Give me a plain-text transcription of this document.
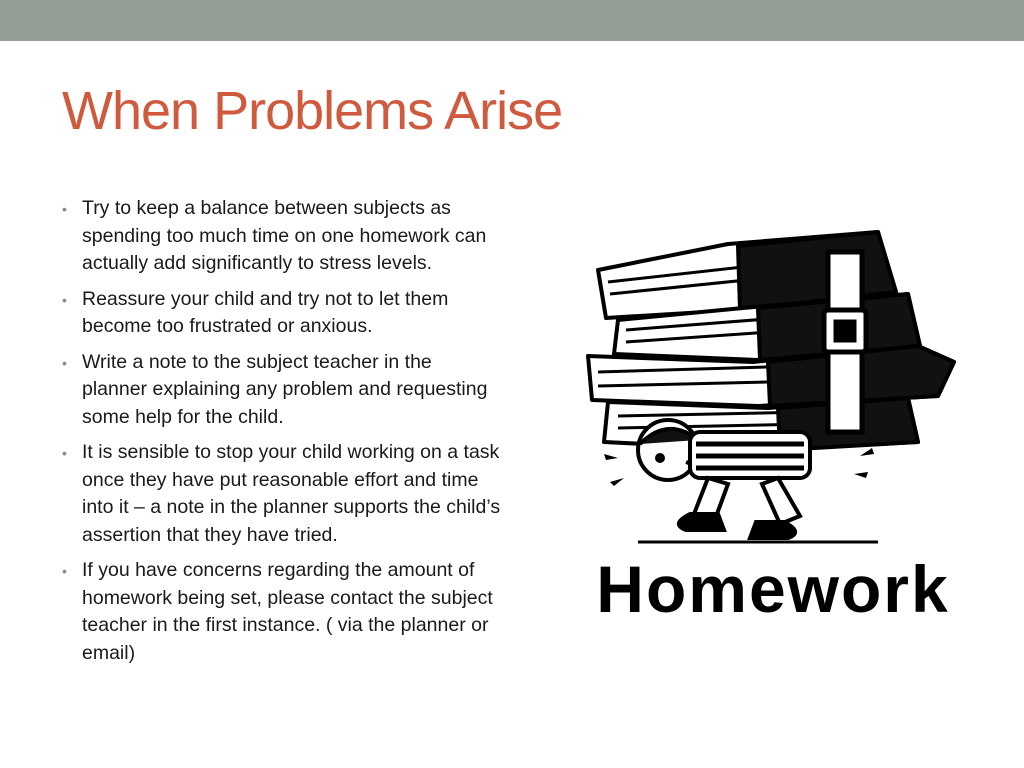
When Problems Arise
• Try to keep a balance between subjects as spending too much time on one homework can actually add significantly to stress levels.
• Reassure your child and try not to let them become too frustrated or anxious.
• Write a note to the subject teacher in the planner explaining any problem and requesting some help for the child.
• It is sensible to stop your child working on a task once they have put reasonable effort and time into it – a note in the planner supports the child’s assertion that they have tried.
• If you have concerns regarding the amount of homework being set, please contact the subject teacher in the first instance. ( via the planner or email)
Homework
